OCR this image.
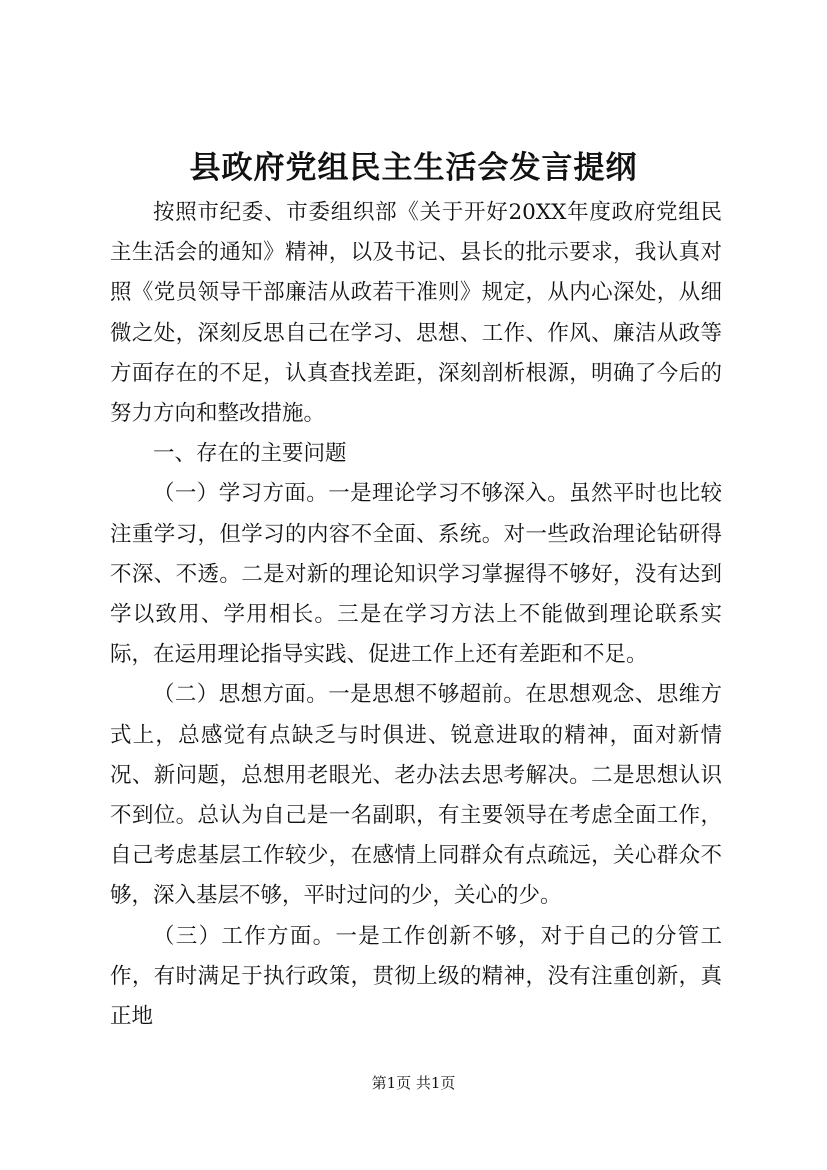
县政府党组民主生活会发言提纲

按照市纪委、市委组织部《关于开好20XX年度政府党组民主生活会的通知》精神，以及书记、县长的批示要求，我认真对照《党员领导干部廉洁从政若干准则》规定，从内心深处，从细微之处，深刻反思自己在学习、思想、工作、作风、廉洁从政等方面存在的不足，认真查找差距，深刻剖析根源，明确了今后的努力方向和整改措施。

一、存在的主要问题

（一）学习方面。一是理论学习不够深入。虽然平时也比较注重学习，但学习的内容不全面、系统。对一些政治理论钻研得不深、不透。二是对新的理论知识学习掌握得不够好，没有达到学以致用、学用相长。三是在学习方法上不能做到理论联系实际，在运用理论指导实践、促进工作上还有差距和不足。

（二）思想方面。一是思想不够超前。在思想观念、思维方式上，总感觉有点缺乏与时俱进、锐意进取的精神，面对新情况、新问题，总想用老眼光、老办法去思考解决。二是思想认识不到位。总认为自己是一名副职，有主要领导在考虑全面工作，自己考虑基层工作较少，在感情上同群众有点疏远，关心群众不够，深入基层不够，平时过问的少，关心的少。

（三）工作方面。一是工作创新不够，对于自己的分管工作，有时满足于执行政策，贯彻上级的精神，没有注重创新，真正地

第1页 共1页
